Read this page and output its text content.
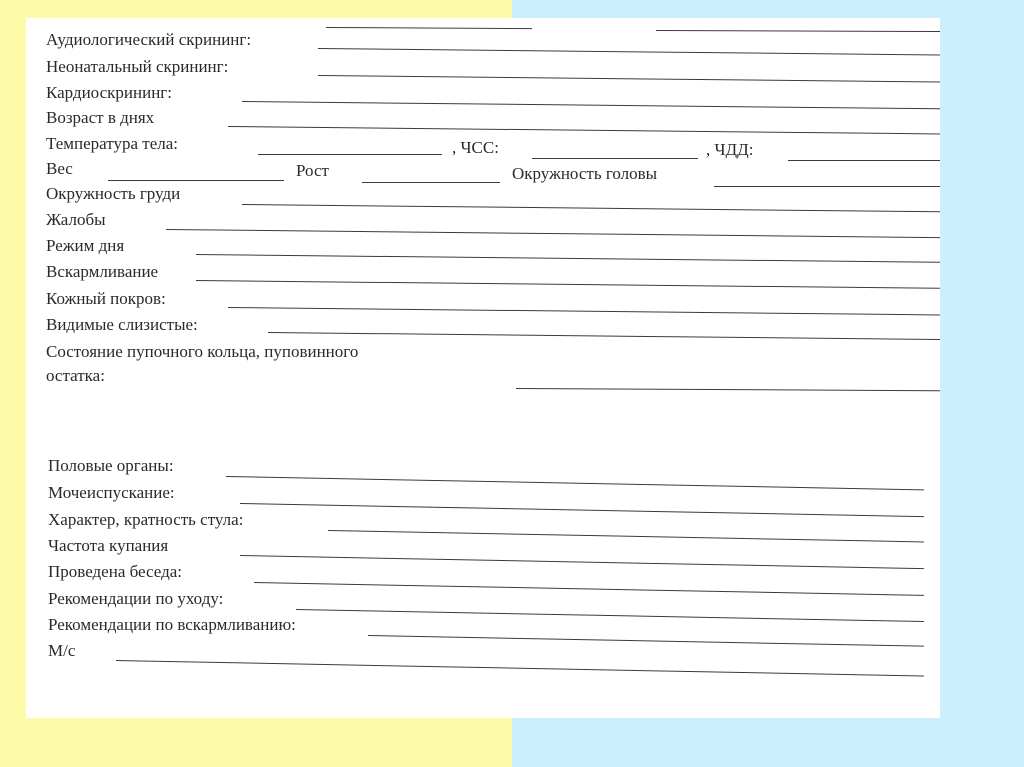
Аудиологический скрининг:
Неонатальный скрининг:
Кардиоскрининг:
Возраст в днях
Температура тела:	, ЧСС:	, ЧДД:
Вес	Рост	Окружность головы
Окружность груди
Жалобы
Режим дня
Вскармливание
Кожный покров:
Видимые слизистые:
Состояние пупочного кольца, пуповинного
остатка:
Половые органы:
Мочеиспускание:
Характер, кратность стула:
Частота купания
Проведена беседа:
Рекомендации по уходу:
Рекомендации по вскармливанию:
М/с
